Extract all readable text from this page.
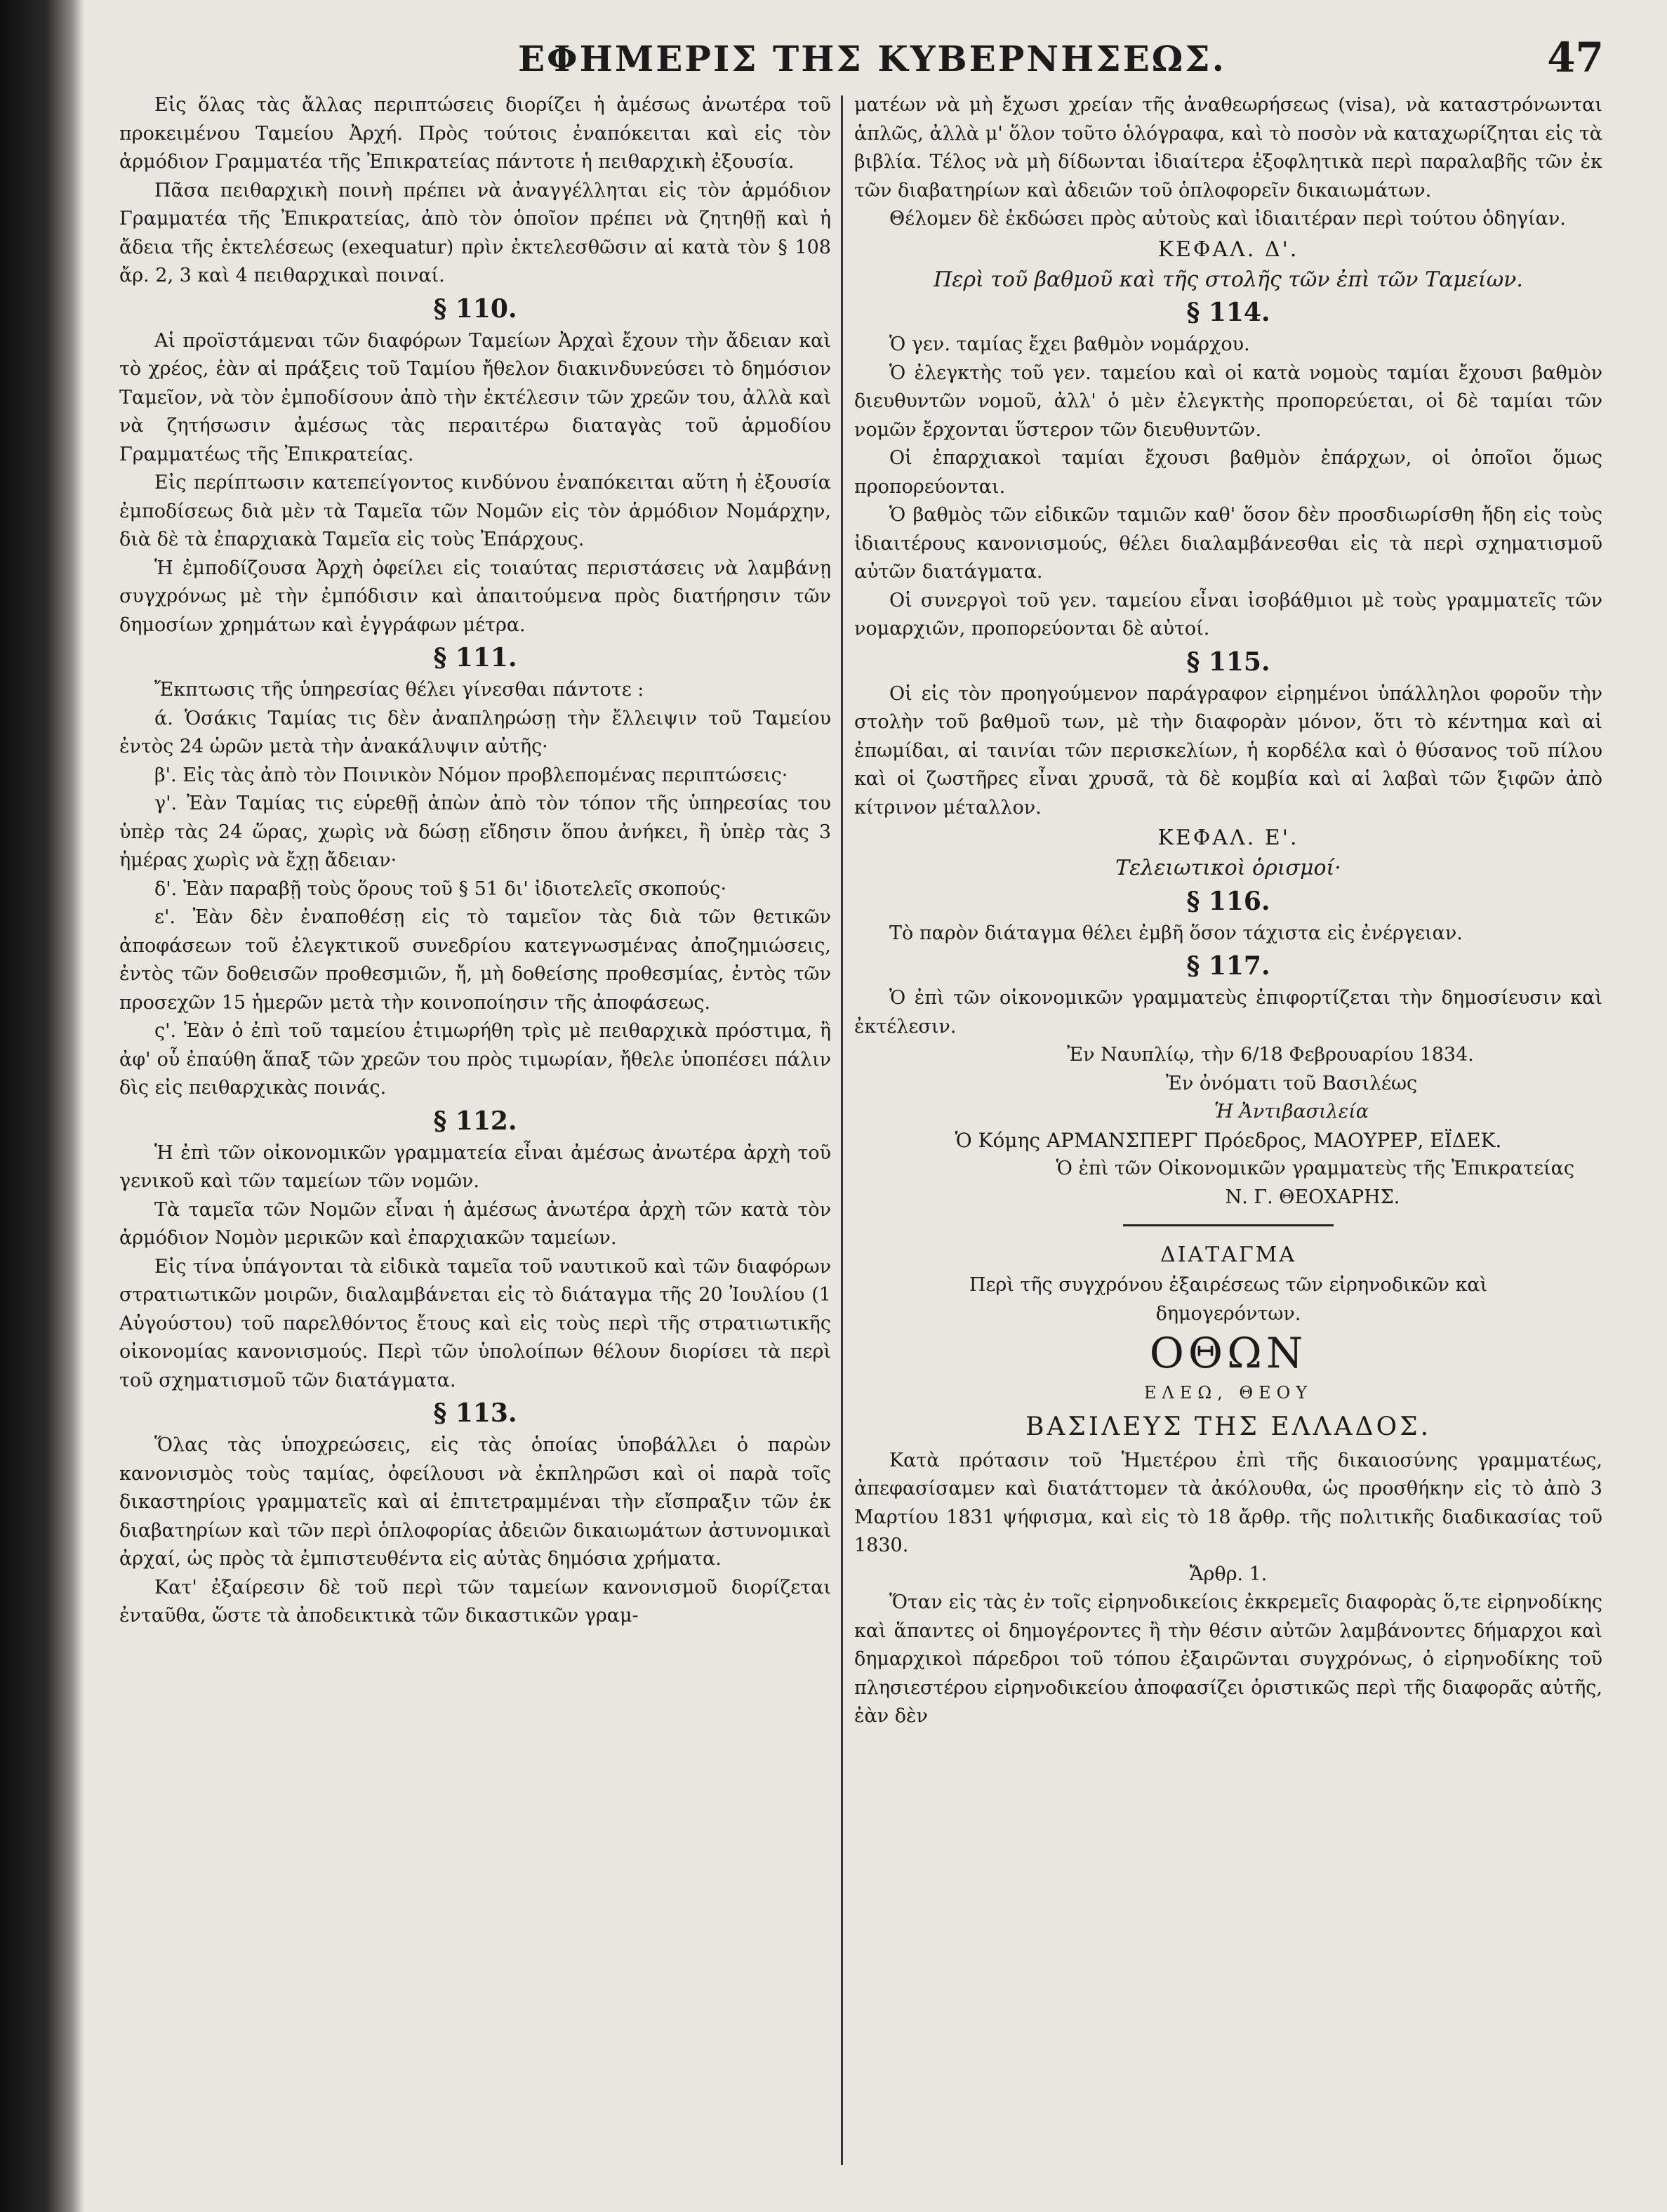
ΕΦΗΜΕΡΙΣ ΤΗΣ ΚΥΒΕΡΝΗΣΕΩΣ.	47

Εἰς ὅλας τὰς ἄλλας περιπτώσεις διορίζει ἡ ἀμέσως ἀνωτέρα τοῦ προκειμένου Ταμείου Ἀρχή. Πρὸς τούτοις ἐναπόκειται καὶ εἰς τὸν ἁρμόδιον Γραμματέα τῆς Ἐπικρατείας πάντοτε ἡ πειθαρχικὴ ἐξουσία.

Πᾶσα πειθαρχικὴ ποινὴ πρέπει νὰ ἀναγγέλληται εἰς τὸν ἁρμόδιον Γραμματέα τῆς Ἐπικρατείας, ἀπὸ τὸν ὁποῖον πρέπει νὰ ζητηθῇ καὶ ἡ ἄδεια τῆς ἐκτελέσεως (exequatur) πρὶν ἐκτελεσθῶσιν αἱ κατὰ τὸν § 108 ἄρ. 2, 3 καὶ 4 πειθαρχικαὶ ποιναί.

§ 110.

Αἱ προϊστάμεναι τῶν διαφόρων Ταμείων Ἀρχαὶ ἔχουν τὴν ἄδειαν καὶ τὸ χρέος, ἐὰν αἱ πράξεις τοῦ Ταμίου ἤθελον διακινδυνεύσει τὸ δημόσιον Ταμεῖον, νὰ τὸν ἐμποδίσουν ἀπὸ τὴν ἐκτέλεσιν τῶν χρεῶν του, ἀλλὰ καὶ νὰ ζητήσωσιν ἀμέσως τὰς περαιτέρω διαταγὰς τοῦ ἁρμοδίου Γραμματέως τῆς Ἐπικρατείας.

Εἰς περίπτωσιν κατεπείγοντος κινδύνου ἐναπόκειται αὕτη ἡ ἐξουσία ἐμποδίσεως διὰ μὲν τὰ Ταμεῖα τῶν Νομῶν εἰς τὸν ἁρμόδιον Νομάρχην, διὰ δὲ τὰ ἐπαρχιακὰ Ταμεῖα εἰς τοὺς Ἐπάρχους.

Ἡ ἐμποδίζουσα Ἀρχὴ ὀφείλει εἰς τοιαύτας περιστάσεις νὰ λαμβάνῃ συγχρόνως μὲ τὴν ἐμπόδισιν καὶ ἀπαιτούμενα πρὸς διατήρησιν τῶν δημοσίων χρημάτων καὶ ἐγγράφων μέτρα.

§ 111.

Ἔκπτωσις τῆς ὑπηρεσίας θέλει γίνεσθαι πάντοτε :

ά. Ὁσάκις Ταμίας τις δὲν ἀναπληρώσῃ τὴν ἔλλειψιν τοῦ Ταμείου ἐντὸς 24 ὡρῶν μετὰ τὴν ἀνακάλυψιν αὐτῆς·

β'. Εἰς τὰς ἀπὸ τὸν Ποινικὸν Νόμον προβλεπομένας περιπτώσεις·

γ'. Ἐὰν Ταμίας τις εὑρεθῇ ἀπὼν ἀπὸ τὸν τόπον τῆς ὑπηρεσίας του ὑπὲρ τὰς 24 ὥρας, χωρὶς νὰ δώσῃ εἴδησιν ὅπου ἀνήκει, ἢ ὑπὲρ τὰς 3 ἡμέρας χωρὶς νὰ ἔχῃ ἄδειαν·

δ'. Ἐὰν παραβῇ τοὺς ὅρους τοῦ § 51 δι' ἰδιοτελεῖς σκοπούς·

ε'. Ἐὰν δὲν ἐναποθέσῃ εἰς τὸ ταμεῖον τὰς διὰ τῶν θετικῶν ἀποφάσεων τοῦ ἐλεγκτικοῦ συνεδρίου κατεγνωσμένας ἀποζημιώσεις, ἐντὸς τῶν δοθεισῶν προθεσμιῶν, ἤ, μὴ δοθείσης προθεσμίας, ἐντὸς τῶν προσεχῶν 15 ἡμερῶν μετὰ τὴν κοινοποίησιν τῆς ἀποφάσεως.

ς'. Ἐὰν ὁ ἐπὶ τοῦ ταμείου ἐτιμωρήθη τρὶς μὲ πειθαρχικὰ πρόστιμα, ἢ ἀφ' οὗ ἐπαύθη ἅπαξ τῶν χρεῶν του πρὸς τιμωρίαν, ἤθελε ὑποπέσει πάλιν δὶς εἰς πειθαρχικὰς ποινάς.

§ 112.

Ἡ ἐπὶ τῶν οἰκονομικῶν γραμματεία εἶναι ἀμέσως ἀνωτέρα ἀρχὴ τοῦ γενικοῦ καὶ τῶν ταμείων τῶν νομῶν.

Τὰ ταμεῖα τῶν Νομῶν εἶναι ἡ ἀμέσως ἀνωτέρα ἀρχὴ τῶν κατὰ τὸν ἁρμόδιον Νομὸν μερικῶν καὶ ἐπαρχιακῶν ταμείων.

Εἰς τίνα ὑπάγονται τὰ εἰδικὰ ταμεῖα τοῦ ναυτικοῦ καὶ τῶν διαφόρων στρατιωτικῶν μοιρῶν, διαλαμβάνεται εἰς τὸ διάταγμα τῆς 20 Ἰουλίου (1 Αὐγούστου) τοῦ παρελθόντος ἔτους καὶ εἰς τοὺς περὶ τῆς στρατιωτικῆς οἰκονομίας κανονισμούς. Περὶ τῶν ὑπολοίπων θέλουν διορίσει τὰ περὶ τοῦ σχηματισμοῦ τῶν διατάγματα.

§ 113.

Ὅλας τὰς ὑποχρεώσεις, εἰς τὰς ὁποίας ὑποβάλλει ὁ παρὼν κανονισμὸς τοὺς ταμίας, ὀφείλουσι νὰ ἐκπληρῶσι καὶ οἱ παρὰ τοῖς δικαστηρίοις γραμματεῖς καὶ αἱ ἐπιτετραμμέναι τὴν εἴσπραξιν τῶν ἐκ διαβατηρίων καὶ τῶν περὶ ὁπλοφορίας ἀδειῶν δικαιωμάτων ἀστυνομικαὶ ἀρχαί, ὡς πρὸς τὰ ἐμπιστευθέντα εἰς αὐτὰς δημόσια χρήματα.

Κατ' ἐξαίρεσιν δὲ τοῦ περὶ τῶν ταμείων κανονισμοῦ διορίζεται ἐνταῦθα, ὥστε τὰ ἀποδεικτικὰ τῶν δικαστικῶν γραμ-

ματέων νὰ μὴ ἔχωσι χρείαν τῆς ἀναθεωρήσεως (visa), νὰ καταστρόνωνται ἁπλῶς, ἀλλὰ μ' ὅλον τοῦτο ὁλόγραφα, καὶ τὸ ποσὸν νὰ καταχωρίζηται εἰς τὰ βιβλία. Τέλος νὰ μὴ δίδωνται ἰδιαίτερα ἐξοφλητικὰ περὶ παραλαβῆς τῶν ἐκ τῶν διαβατηρίων καὶ ἀδειῶν τοῦ ὁπλοφορεῖν δικαιωμάτων.

Θέλομεν δὲ ἐκδώσει πρὸς αὐτοὺς καὶ ἰδιαιτέραν περὶ τούτου ὁδηγίαν.

ΚΕΦΑΛ. Δ'.

Περὶ τοῦ βαθμοῦ καὶ τῆς στολῆς τῶν ἐπὶ τῶν Ταμείων.

§ 114.

Ὁ γεν. ταμίας ἔχει βαθμὸν νομάρχου.

Ὁ ἐλεγκτὴς τοῦ γεν. ταμείου καὶ οἱ κατὰ νομοὺς ταμίαι ἔχουσι βαθμὸν διευθυντῶν νομοῦ, ἀλλ' ὁ μὲν ἐλεγκτὴς προπορεύεται, οἱ δὲ ταμίαι τῶν νομῶν ἔρχονται ὕστερον τῶν διευθυντῶν.

Οἱ ἐπαρχιακοὶ ταμίαι ἔχουσι βαθμὸν ἐπάρχων, οἱ ὁποῖοι ὅμως προπορεύονται.

Ὁ βαθμὸς τῶν εἰδικῶν ταμιῶν καθ' ὅσον δὲν προσδιωρίσθη ἤδη εἰς τοὺς ἰδιαιτέρους κανονισμούς, θέλει διαλαμβάνεσθαι εἰς τὰ περὶ σχηματισμοῦ αὐτῶν διατάγματα.

Οἱ συνεργοὶ τοῦ γεν. ταμείου εἶναι ἰσοβάθμιοι μὲ τοὺς γραμματεῖς τῶν νομαρχιῶν, προπορεύονται δὲ αὐτοί.

§ 115.

Οἱ εἰς τὸν προηγούμενον παράγραφον εἰρημένοι ὑπάλληλοι φοροῦν τὴν στολὴν τοῦ βαθμοῦ των, μὲ τὴν διαφορὰν μόνον, ὅτι τὸ κέντημα καὶ αἱ ἐπωμίδαι, αἱ ταινίαι τῶν περισκελίων, ἡ κορδέλα καὶ ὁ θύσανος τοῦ πίλου καὶ οἱ ζωστῆρες εἶναι χρυσᾶ, τὰ δὲ κομβία καὶ αἱ λαβαὶ τῶν ξιφῶν ἀπὸ κίτρινον μέταλλον.

ΚΕΦΑΛ. Ε'.

Τελειωτικοὶ ὁρισμοί·

§ 116.

Τὸ παρὸν διάταγμα θέλει ἐμβῆ ὅσον τάχιστα εἰς ἐνέργειαν.

§ 117.

Ὁ ἐπὶ τῶν οἰκονομικῶν γραμματεὺς ἐπιφορτίζεται τὴν δημοσίευσιν καὶ ἐκτέλεσιν.

Ἐν Ναυπλίῳ, τὴν 6/18 Φεβρουαρίου 1834.

Ἐν ὀνόματι τοῦ Βασιλέως

Ἡ Ἀντιβασιλεία

Ὁ Κόμης ΑΡΜΑΝΣΠΕΡΓ Πρόεδρος, ΜΑΟΥΡΕΡ, ΕΪΔΕΚ.

Ὁ ἐπὶ τῶν Οἰκονομικῶν γραμματεὺς τῆς Ἐπικρατείας

Ν. Γ. ΘΕΟΧΑΡΗΣ.

ΔΙΑΤΑΓΜΑ

Περὶ τῆς συγχρόνου ἐξαιρέσεως τῶν εἰρηνοδικῶν καὶ δημογερόντων.

ΟΘΩΝ

ΕΛΕΩ, ΘΕΟΥ

ΒΑΣΙΛΕΥΣ ΤΗΣ ΕΛΛΑΔΟΣ.

Κατὰ πρότασιν τοῦ Ἡμετέρου ἐπὶ τῆς δικαιοσύνης γραμματέως, ἀπεφασίσαμεν καὶ διατάττομεν τὰ ἀκόλουθα, ὡς προσθήκην εἰς τὸ ἀπὸ 3 Μαρτίου 1831 ψήφισμα, καὶ εἰς τὸ 18 ἄρθρ. τῆς πολιτικῆς διαδικασίας τοῦ 1830.

Ἄρθρ. 1.

Ὅταν εἰς τὰς ἐν τοῖς εἰρηνοδικείοις ἐκκρεμεῖς διαφορὰς ὅ,τε εἰρηνοδίκης καὶ ἅπαντες οἱ δημογέροντες ἢ τὴν θέσιν αὐτῶν λαμβάνοντες δήμαρχοι καὶ δημαρχικοὶ πάρεδροι τοῦ τόπου ἐξαιρῶνται συγχρόνως, ὁ εἰρηνοδίκης τοῦ πλησιεστέρου εἰρηνοδικείου ἀποφασίζει ὁριστικῶς περὶ τῆς διαφορᾶς αὐτῆς, ἐὰν δὲν
